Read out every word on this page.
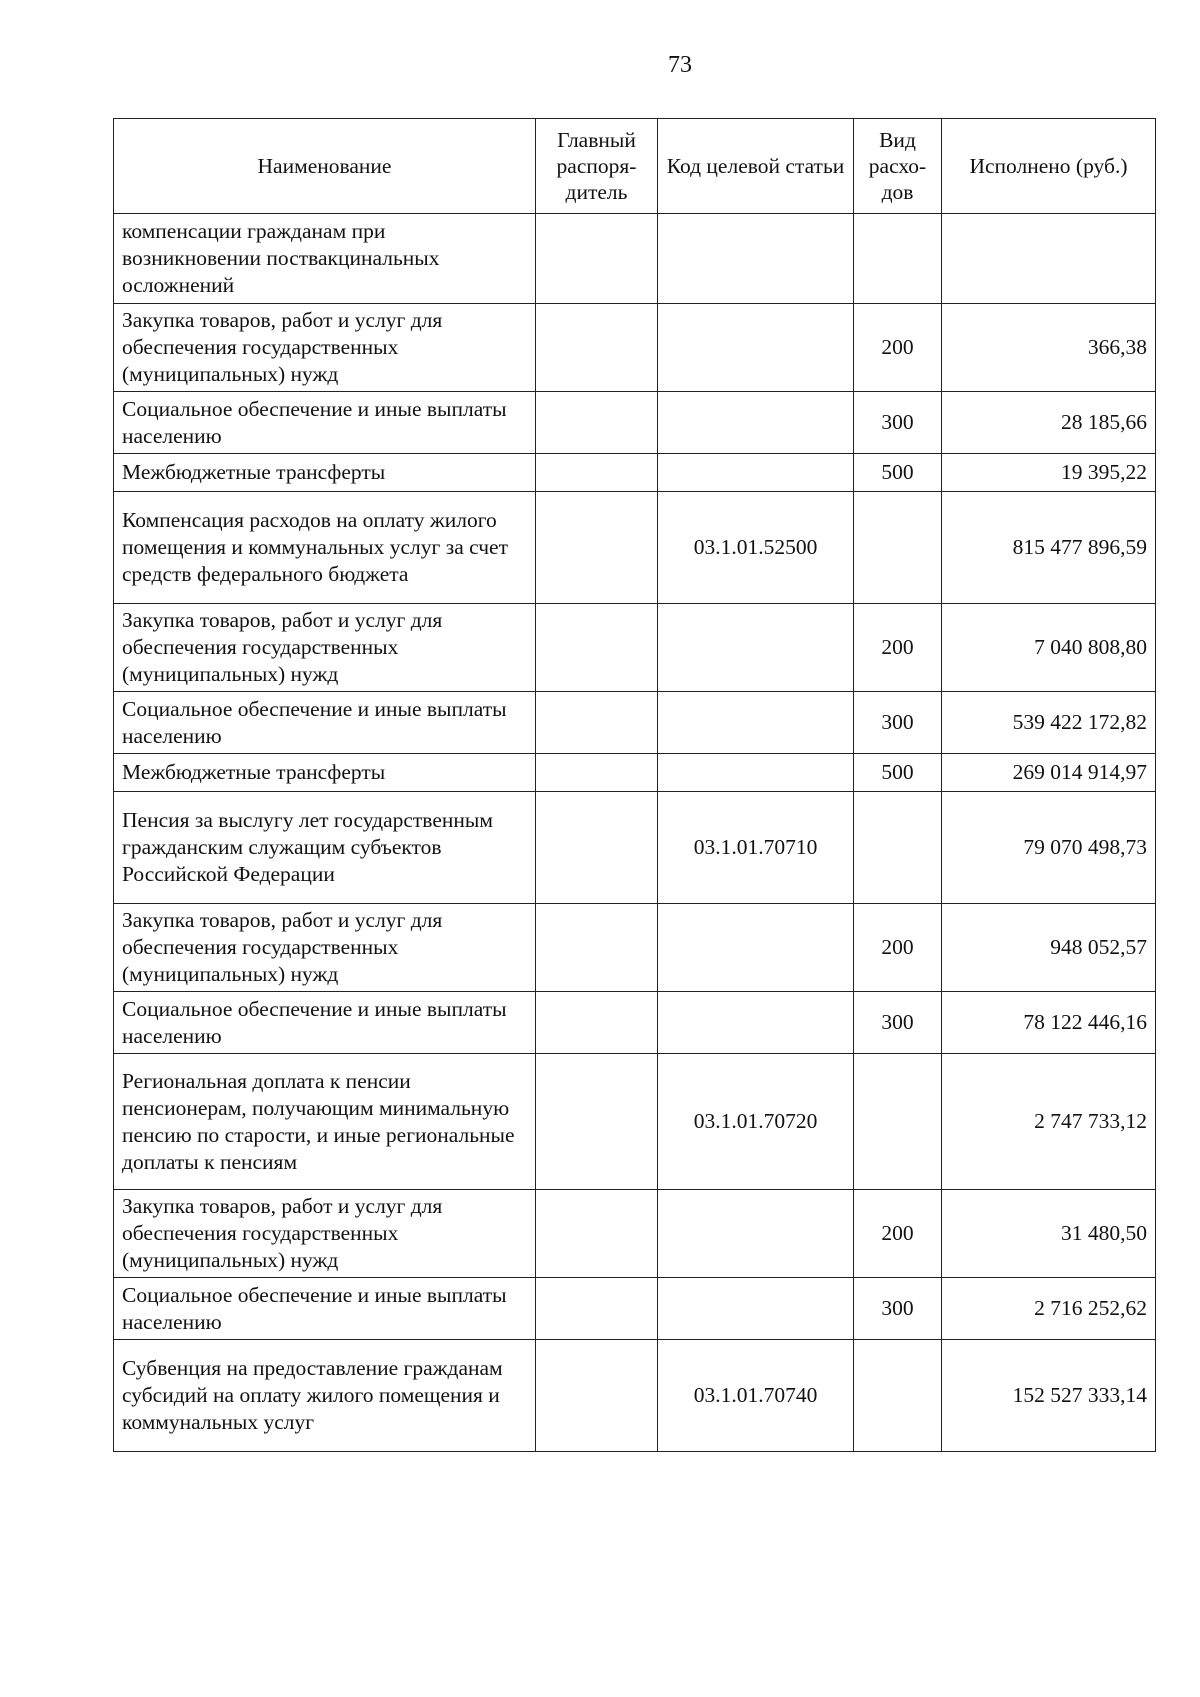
73
Наименование	Главный распоря-дитель	Код целевой статьи	Вид расхо-дов	Исполнено (руб.)
компенсации гражданам при возникновении поствакцинальных осложнений				
Закупка товаров, работ и услуг для обеспечения государственных (муниципальных) нужд			200	366,38
Социальное обеспечение и иные выплаты населению			300	28 185,66
Межбюджетные трансферты			500	19 395,22
Компенсация расходов на оплату жилого помещения и коммунальных услуг за счет средств федерального бюджета		03.1.01.52500		815 477 896,59
Закупка товаров, работ и услуг для обеспечения государственных (муниципальных) нужд			200	7 040 808,80
Социальное обеспечение и иные выплаты населению			300	539 422 172,82
Межбюджетные трансферты			500	269 014 914,97
Пенсия за выслугу лет государственным гражданским служащим субъектов Российской Федерации		03.1.01.70710		79 070 498,73
Закупка товаров, работ и услуг для обеспечения государственных (муниципальных) нужд			200	948 052,57
Социальное обеспечение и иные выплаты населению			300	78 122 446,16
Региональная доплата к пенсии пенсионерам, получающим минимальную пенсию по старости, и иные региональные доплаты к пенсиям		03.1.01.70720		2 747 733,12
Закупка товаров, работ и услуг для обеспечения государственных (муниципальных) нужд			200	31 480,50
Социальное обеспечение и иные выплаты населению			300	2 716 252,62
Субвенция на предоставление гражданам субсидий на оплату жилого помещения и коммунальных услуг		03.1.01.70740		152 527 333,14
